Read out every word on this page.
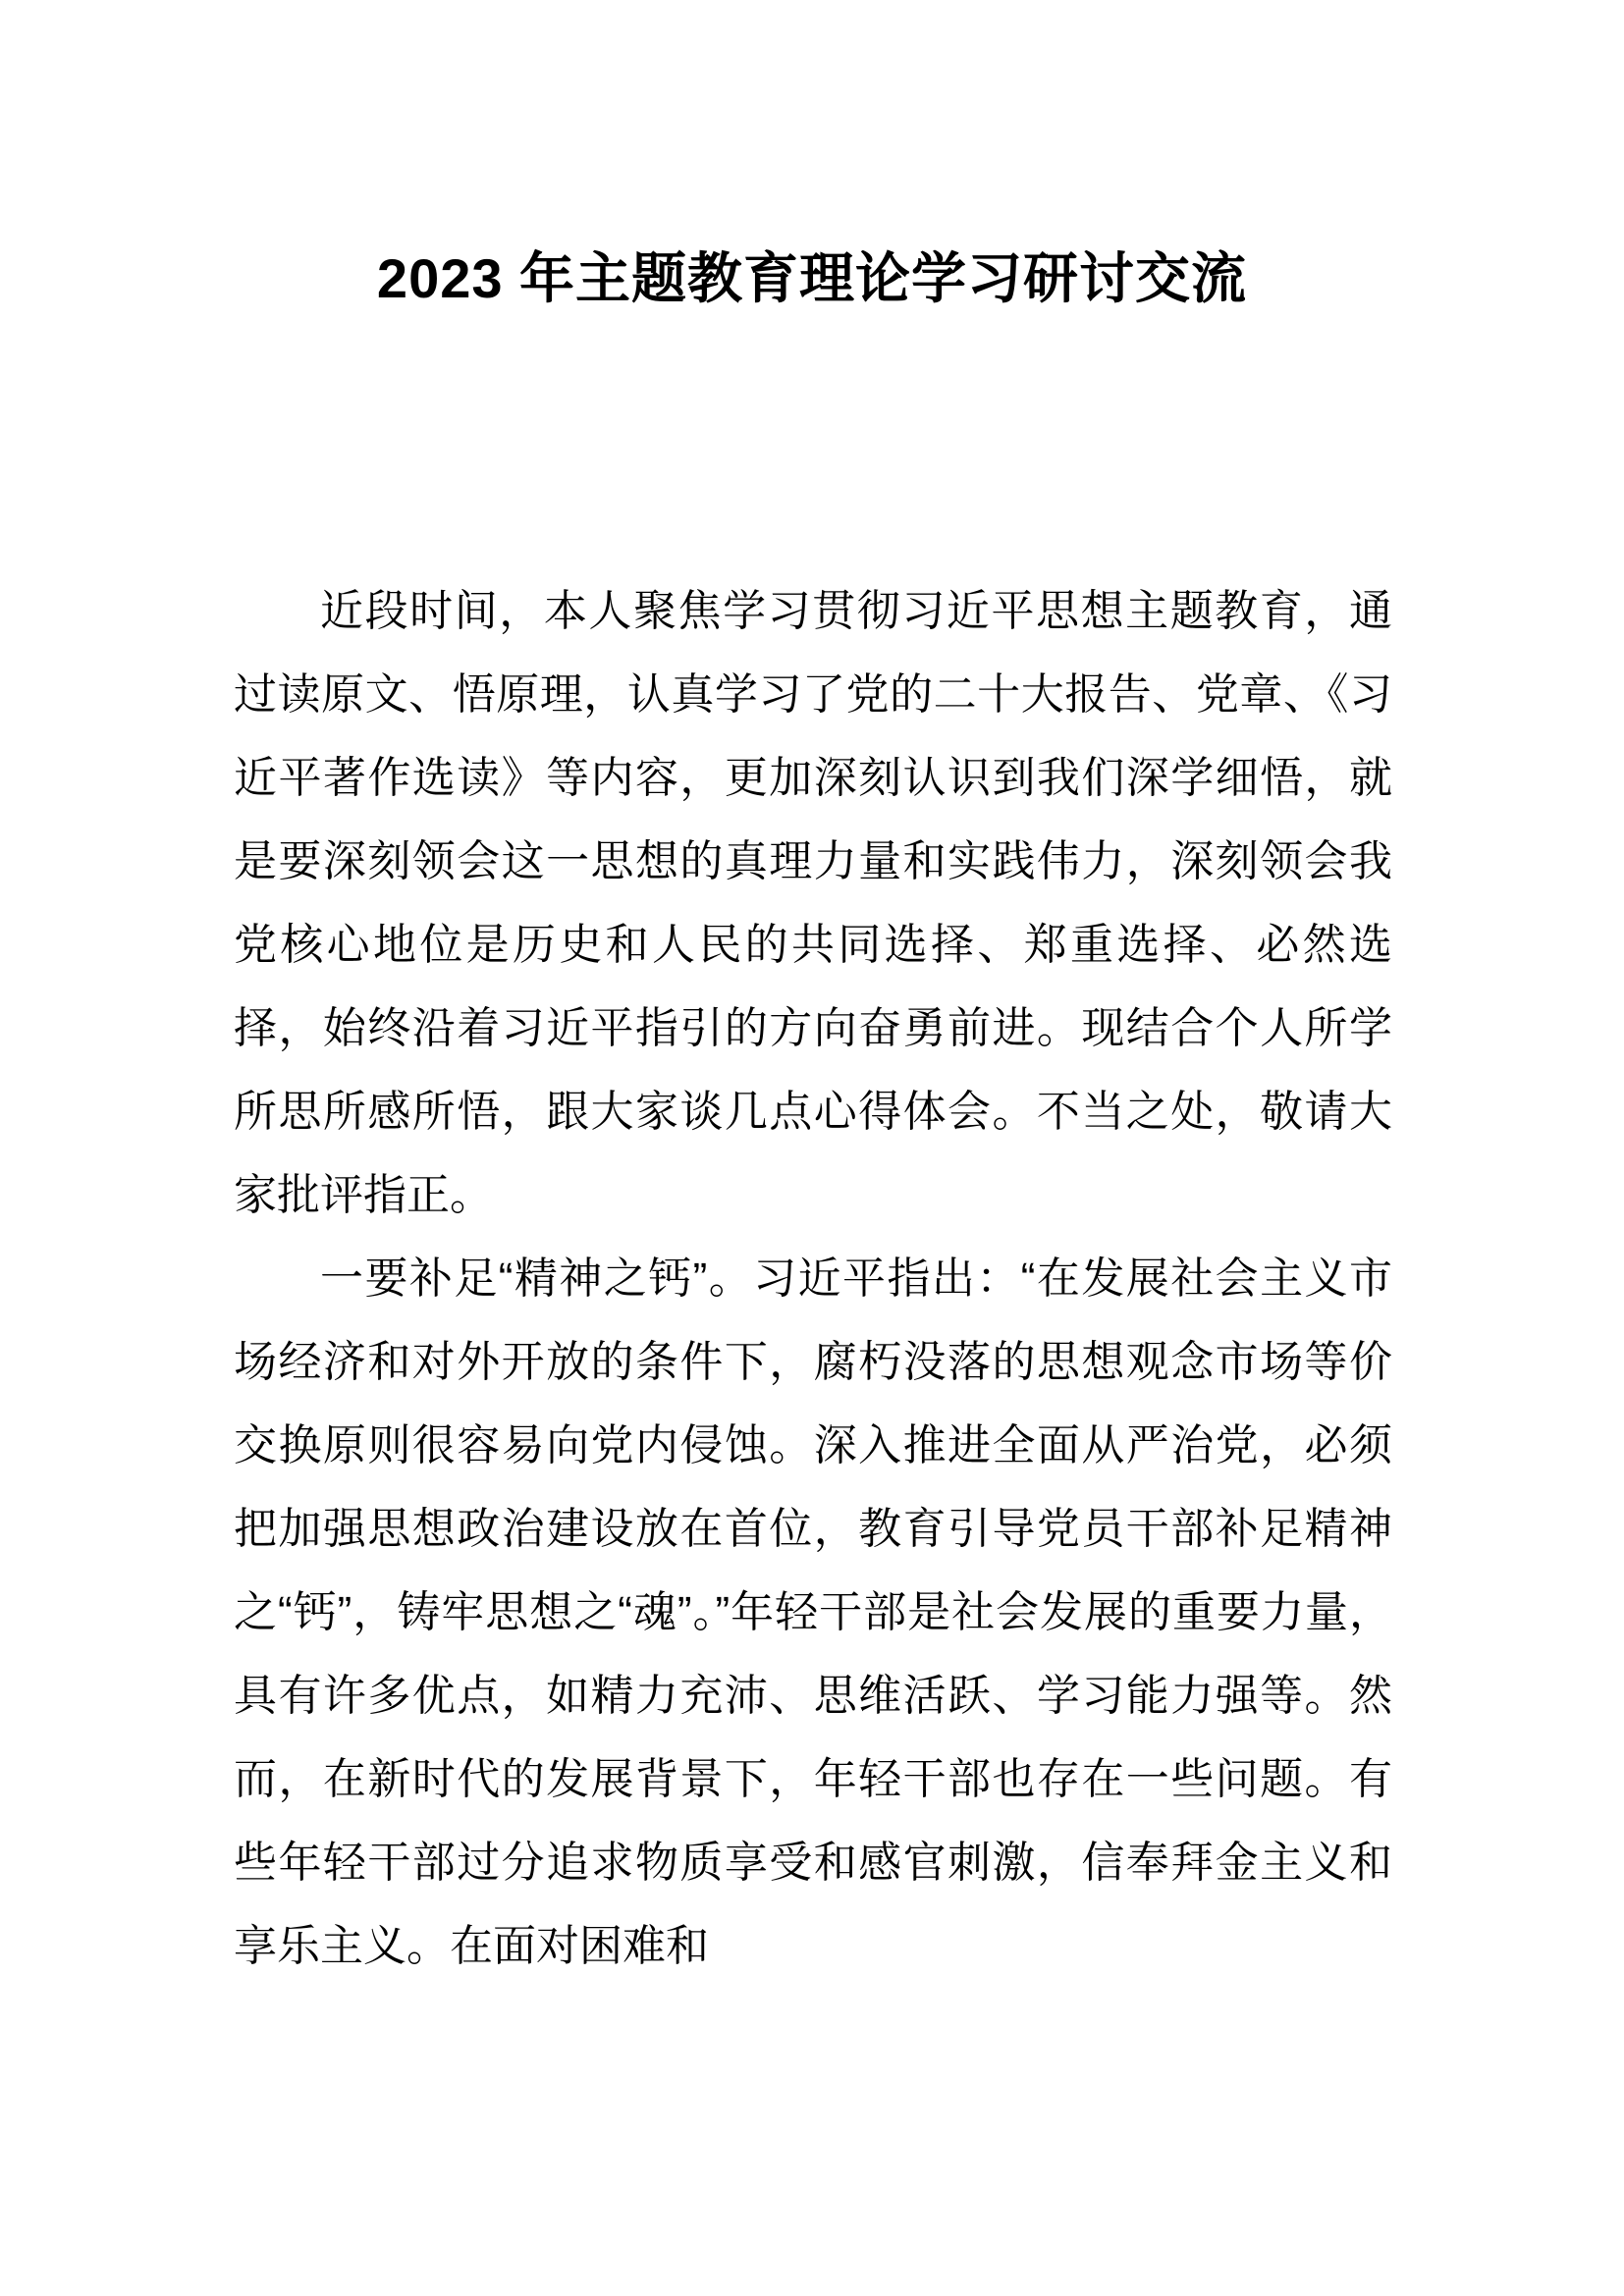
2023 年主题教育理论学习研讨交流

近段时间，本人聚焦学习贯彻习近平思想主题教育，通过读原文、悟原理，认真学习了党的二十大报告、党章、《习近平著作选读》等内容，更加深刻认识到我们深学细悟，就是要深刻领会这一思想的真理力量和实践伟力，深刻领会我党核心地位是历史和人民的共同选择、郑重选择、必然选择，始终沿着习近平指引的方向奋勇前进。现结合个人所学所思所感所悟，跟大家谈几点心得体会。不当之处，敬请大家批评指正。

一要补足“精神之钙”。习近平指出：“在发展社会主义市场经济和对外开放的条件下，腐朽没落的思想观念市场等价交换原则很容易向党内侵蚀。深入推进全面从严治党，必须把加强思想政治建设放在首位，教育引导党员干部补足精神之“钙”，铸牢思想之“魂”。”年轻干部是社会发展的重要力量，具有许多优点，如精力充沛、思维活跃、学习能力强等。然而，在新时代的发展背景下，年轻干部也存在一些问题。有些年轻干部过分追求物质享受和感官刺激，信奉拜金主义和享乐主义。在面对困难和
